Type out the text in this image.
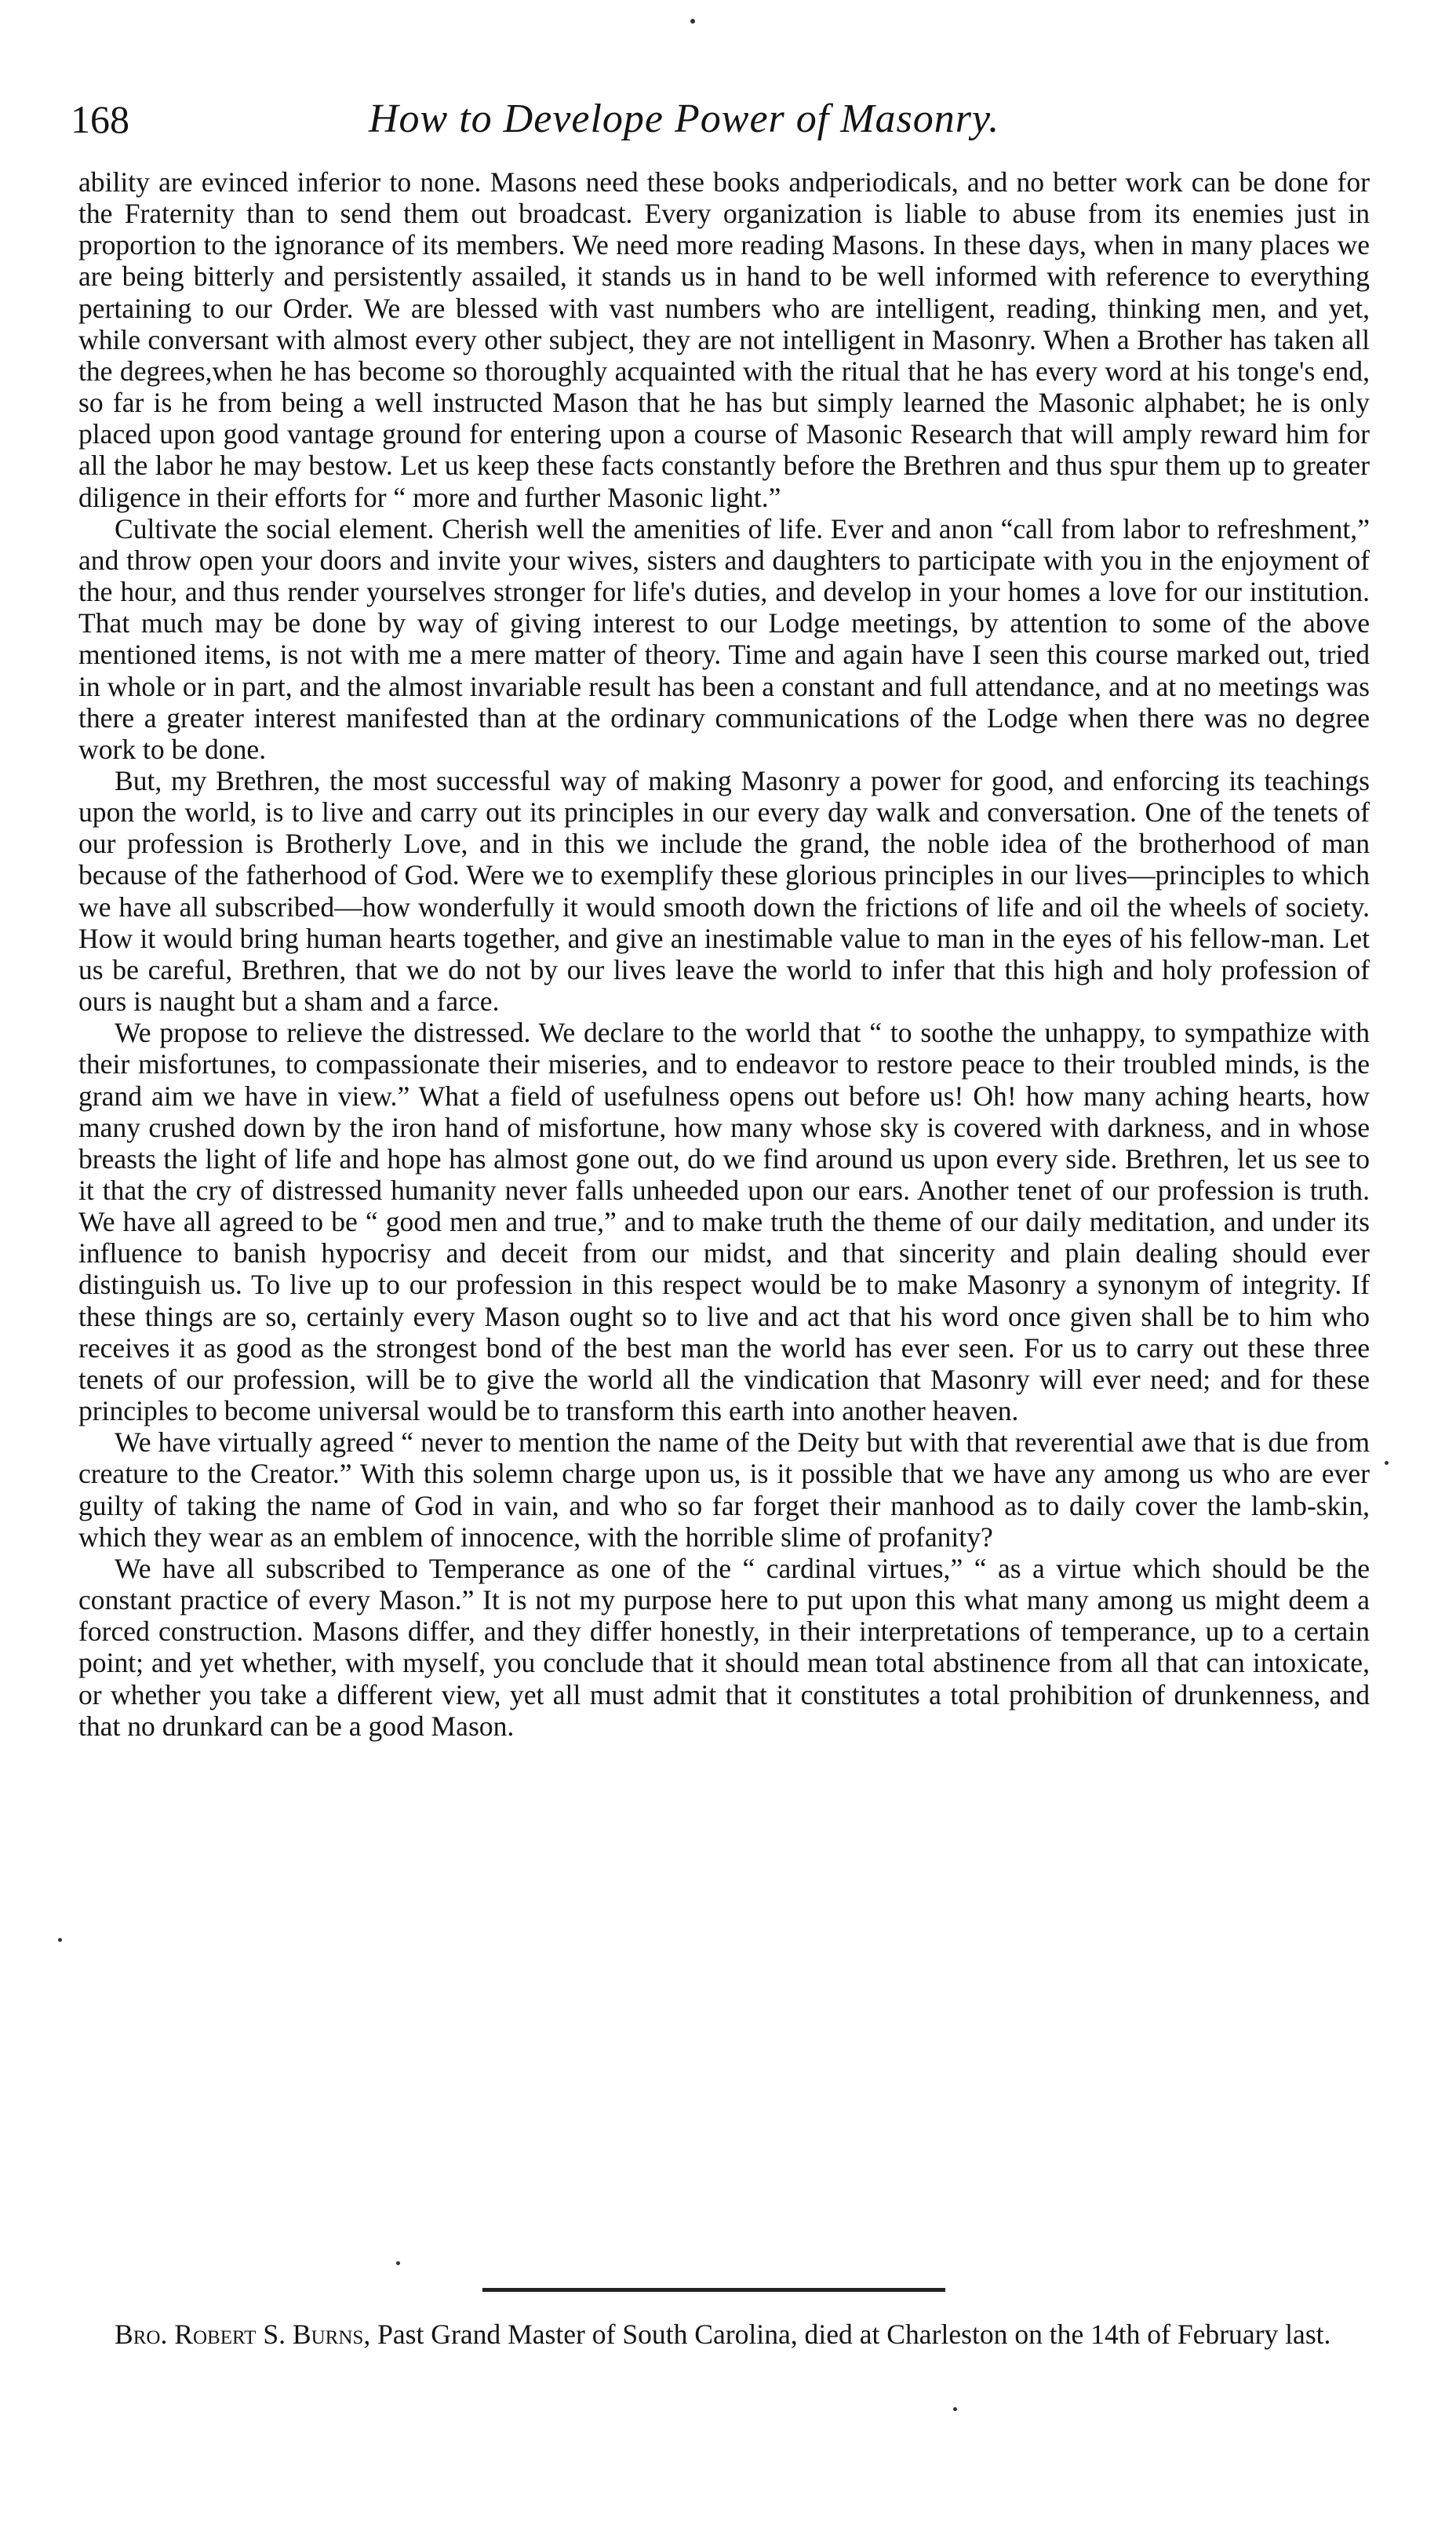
168	How to Develope Power of Masonry.

ability are evinced inferior to none. Masons need these books andperiodicals, and no better work can be done for the Fraternity than to send them out broadcast. Every organization is liable to abuse from its enemies just in proportion to the ignorance of its members. We need more reading Masons. In these days, when in many places we are being bitterly and persistently assailed, it stands us in hand to be well informed with reference to everything pertaining to our Order. We are blessed with vast numbers who are intelligent, reading, thinking men, and yet, while conversant with almost every other subject, they are not intelligent in Masonry. When a Brother has taken all the degrees,when he has become so thoroughly acquainted with the ritual that he has every word at his tonge's end, so far is he from being a well instructed Mason that he has but simply learned the Masonic alphabet; he is only placed upon good vantage ground for entering upon a course of Masonic Research that will amply reward him for all the labor he may bestow. Let us keep these facts constantly before the Brethren and thus spur them up to greater diligence in their efforts for “ more and further Masonic light.”

Cultivate the social element. Cherish well the amenities of life. Ever and anon “call from labor to refreshment,” and throw open your doors and invite your wives, sisters and daughters to participate with you in the enjoyment of the hour, and thus render yourselves stronger for life's duties, and develop in your homes a love for our institution. That much may be done by way of giving interest to our Lodge meetings, by attention to some of the above mentioned items, is not with me a mere matter of theory. Time and again have I seen this course marked out, tried in whole or in part, and the almost invariable result has been a constant and full attendance, and at no meetings was there a greater interest manifested than at the ordinary communications of the Lodge when there was no degree work to be done.

But, my Brethren, the most successful way of making Masonry a power for good, and enforcing its teachings upon the world, is to live and carry out its principles in our every day walk and conversation. One of the tenets of our profession is Brotherly Love, and in this we include the grand, the noble idea of the brotherhood of man because of the fatherhood of God. Were we to exemplify these glorious principles in our lives—principles to which we have all subscribed—how wonderfully it would smooth down the frictions of life and oil the wheels of society. How it would bring human hearts together, and give an inestimable value to man in the eyes of his fellow-man. Let us be careful, Brethren, that we do not by our lives leave the world to infer that this high and holy profession of ours is naught but a sham and a farce.

We propose to relieve the distressed. We declare to the world that “ to soothe the unhappy, to sympathize with their misfortunes, to compassionate their miseries, and to endeavor to restore peace to their troubled minds, is the grand aim we have in view.” What a field of usefulness opens out before us! Oh! how many aching hearts, how many crushed down by the iron hand of misfortune, how many whose sky is covered with darkness, and in whose breasts the light of life and hope has almost gone out, do we find around us upon every side. Brethren, let us see to it that the cry of distressed humanity never falls unheeded upon our ears. Another tenet of our profession is truth. We have all agreed to be “ good men and true,” and to make truth the theme of our daily meditation, and under its influence to banish hypocrisy and deceit from our midst, and that sincerity and plain dealing should ever distinguish us. To live up to our profession in this respect would be to make Masonry a synonym of integrity. If these things are so, certainly every Mason ought so to live and act that his word once given shall be to him who receives it as good as the strongest bond of the best man the world has ever seen. For us to carry out these three tenets of our profession, will be to give the world all the vindication that Masonry will ever need; and for these principles to become universal would be to transform this earth into another heaven.

We have virtually agreed “ never to mention the name of the Deity but with that reverential awe that is due from creature to the Creator.” With this solemn charge upon us, is it possible that we have any among us who are ever guilty of taking the name of God in vain, and who so far forget their manhood as to daily cover the lamb-skin, which they wear as an emblem of innocence, with the horrible slime of profanity?

We have all subscribed to Temperance as one of the “ cardinal virtues,” “ as a virtue which should be the constant practice of every Mason.” It is not my purpose here to put upon this what many among us might deem a forced construction. Masons differ, and they differ honestly, in their interpretations of temperance, up to a certain point; and yet whether, with myself, you conclude that it should mean total abstinence from all that can intoxicate, or whether you take a different view, yet all must admit that it constitutes a total prohibition of drunkenness, and that no drunkard can be a good Mason.

Bro. Robert S. Burns, Past Grand Master of South Carolina, died at Charleston on the 14th of February last.
